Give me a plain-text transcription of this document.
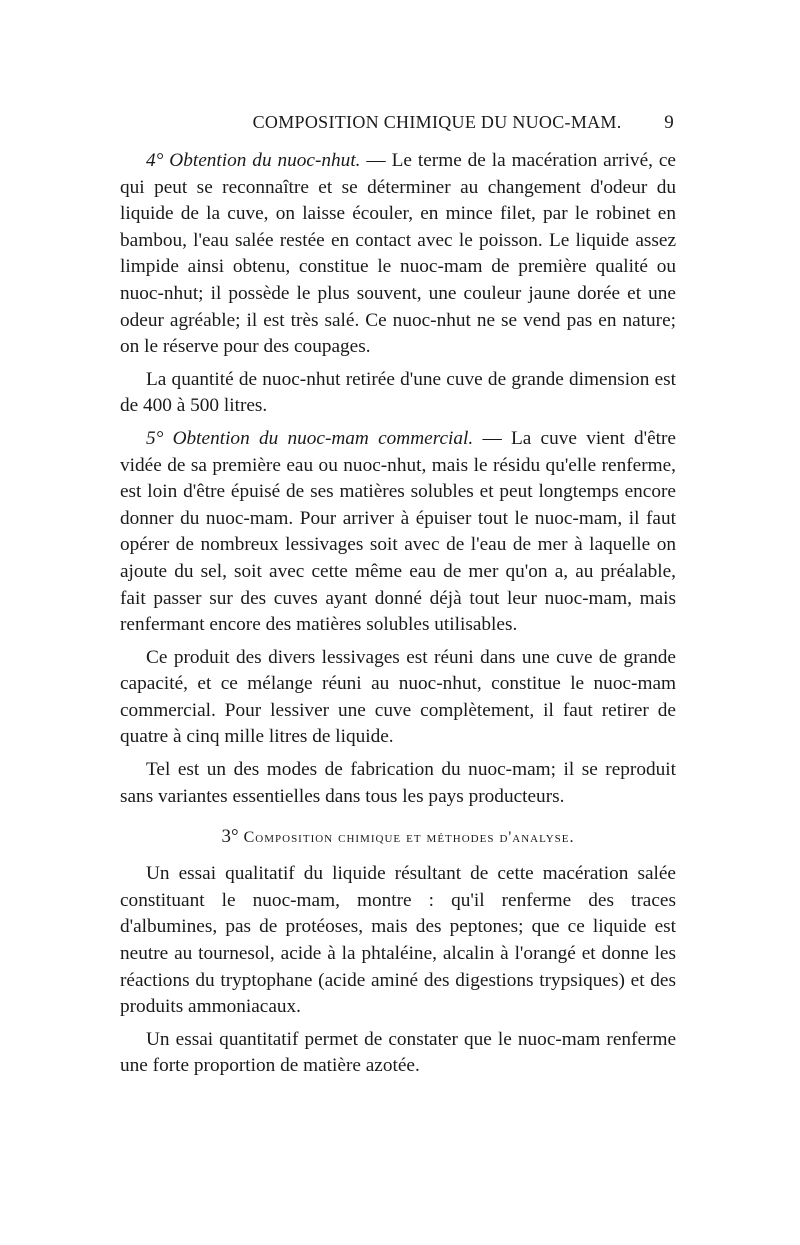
COMPOSITION CHIMIQUE DU NUOC-MAM.	9

4° Obtention du nuoc-nhut. — Le terme de la macération arrivé, ce qui peut se reconnaître et se déterminer au changement d'odeur du liquide de la cuve, on laisse écouler, en mince filet, par le robinet en bambou, l'eau salée restée en contact avec le poisson. Le liquide assez limpide ainsi obtenu, constitue le nuoc-mam de première qualité ou nuoc-nhut; il possède le plus souvent, une couleur jaune dorée et une odeur agréable; il est très salé. Ce nuoc-nhut ne se vend pas en nature; on le réserve pour des coupages.

La quantité de nuoc-nhut retirée d'une cuve de grande dimension est de 400 à 500 litres.

5° Obtention du nuoc-mam commercial. — La cuve vient d'être vidée de sa première eau ou nuoc-nhut, mais le résidu qu'elle renferme, est loin d'être épuisé de ses matières solubles et peut longtemps encore donner du nuoc-mam. Pour arriver à épuiser tout le nuoc-mam, il faut opérer de nombreux lessivages soit avec de l'eau de mer à laquelle on ajoute du sel, soit avec cette même eau de mer qu'on a, au préalable, fait passer sur des cuves ayant donné déjà tout leur nuoc-mam, mais renfermant encore des matières solubles utilisables.

Ce produit des divers lessivages est réuni dans une cuve de grande capacité, et ce mélange réuni au nuoc-nhut, constitue le nuoc-mam commercial. Pour lessiver une cuve complètement, il faut retirer de quatre à cinq mille litres de liquide.

Tel est un des modes de fabrication du nuoc-mam; il se reproduit sans variantes essentielles dans tous les pays producteurs.

3° Composition chimique et méthodes d'analyse.

Un essai qualitatif du liquide résultant de cette macération salée constituant le nuoc-mam, montre : qu'il renferme des traces d'albumines, pas de protéoses, mais des peptones; que ce liquide est neutre au tournesol, acide à la phtaléine, alcalin à l'orangé et donne les réactions du tryptophane (acide aminé des digestions trypsiques) et des produits ammoniacaux.

Un essai quantitatif permet de constater que le nuoc-mam renferme une forte proportion de matière azotée.
